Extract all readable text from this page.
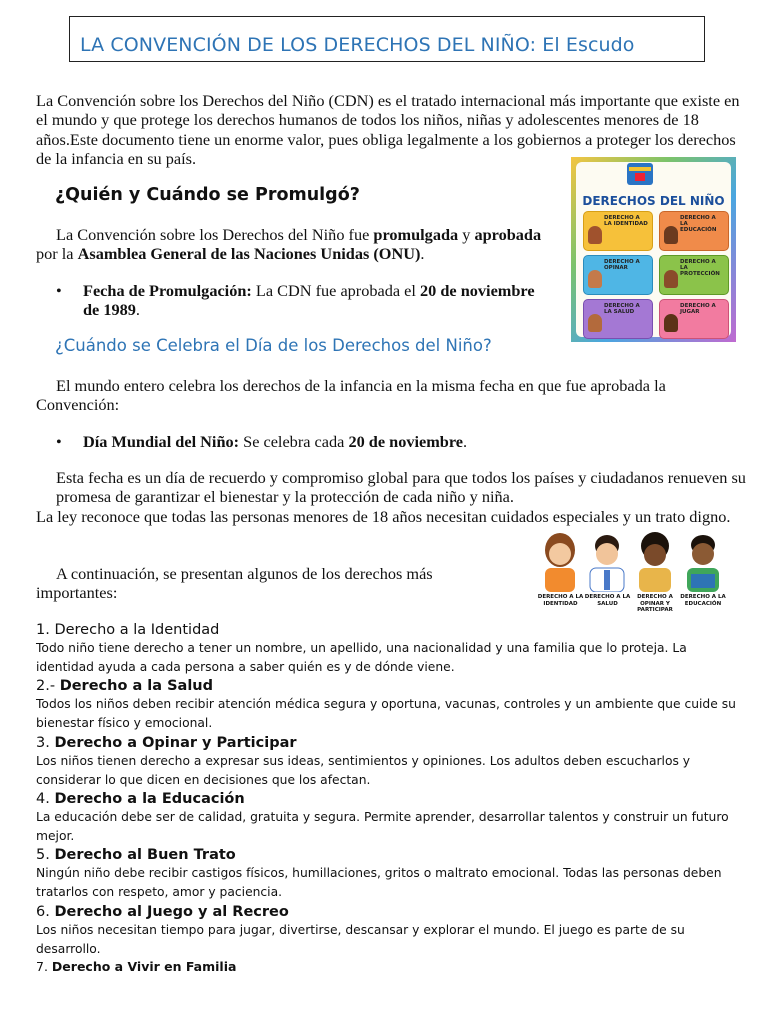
LA CONVENCIÓN DE LOS DERECHOS DEL NIÑO: El Escudo
La Convención sobre los Derechos del Niño (CDN) es el tratado internacional más importante que existe en el mundo y que protege los derechos humanos de todos los niños, niñas y adolescentes menores de 18 años.Este documento tiene un enorme valor, pues obliga legalmente a los gobiernos a proteger los derechos de la infancia en su país.
¿Quién y Cuándo se Promulgó?
La Convención sobre los Derechos del Niño fue promulgada y aprobada por la Asamblea General de las Naciones Unidas (ONU).
• Fecha de Promulgación: La CDN fue aprobada el 20 de noviembre de 1989.
¿Cuándo se Celebra el Día de los Derechos del Niño?
El mundo entero celebra los derechos de la infancia en la misma fecha en que fue aprobada la Convención:
• Día Mundial del Niño: Se celebra cada 20 de noviembre.
Esta fecha es un día de recuerdo y compromiso global para que todos los países y ciudadanos renueven su promesa de garantizar el bienestar y la protección de cada niño y niña.
La ley reconoce que todas las personas menores de 18 años necesitan cuidados especiales y un trato digno.
A continuación, se presentan algunos de los derechos más importantes:
1. Derecho a la Identidad
Todo niño tiene derecho a tener un nombre, un apellido, una nacionalidad y una familia que lo proteja. La identidad ayuda a cada persona a saber quién es y de dónde viene.
2.- Derecho a la Salud
Todos los niños deben recibir atención médica segura y oportuna, vacunas, controles y un ambiente que cuide su bienestar físico y emocional.
3. Derecho a Opinar y Participar
Los niños tienen derecho a expresar sus ideas, sentimientos y opiniones. Los adultos deben escucharlos y considerar lo que dicen en decisiones que los afectan.
4. Derecho a la Educación
La educación debe ser de calidad, gratuita y segura. Permite aprender, desarrollar talentos y construir un futuro mejor.
5. Derecho al Buen Trato
Ningún niño debe recibir castigos físicos, humillaciones, gritos o maltrato emocional. Todas las personas deben tratarlos con respeto, amor y paciencia.
6. Derecho al Juego y al Recreo
Los niños necesitan tiempo para jugar, divertirse, descansar y explorar el mundo. El juego es parte de su desarrollo.
7. Derecho a Vivir en Familia
DERECHOS DEL NIÑO
DERECHO A LA IDENTIDAD
DERECHO A LA EDUCACIÓN
DERECHO A OPINAR
DERECHO A LA PROTECCIÓN
DERECHO A LA SALUD
DERECHO A JUGAR
DERECHO A LA IDENTIDAD
DERECHO A LA SALUD
DERECHO A OPINAR Y PARTICIPAR
DERECHO A LA EDUCACIÓN
